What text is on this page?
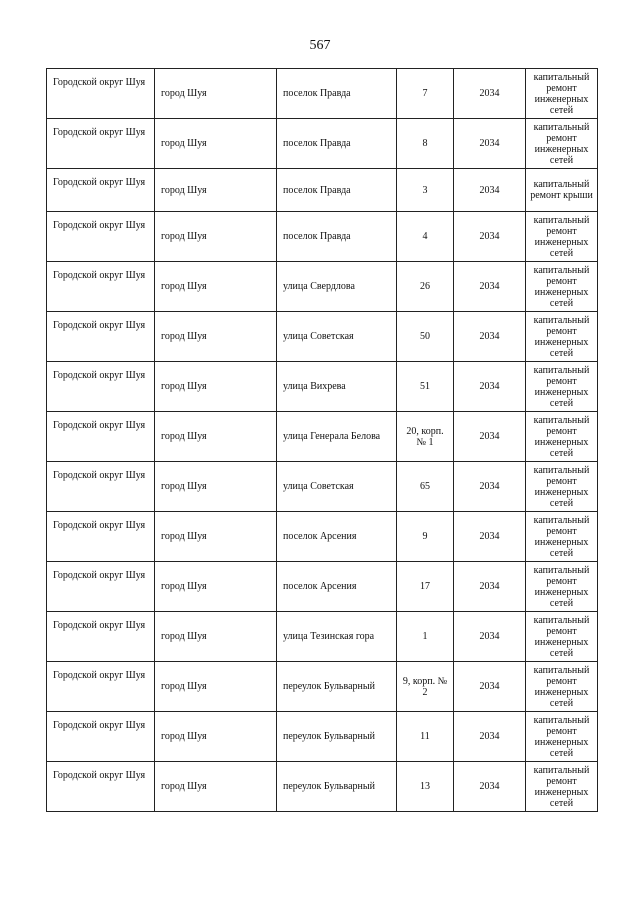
567
Городской округ Шуя	город Шуя	поселок Правда	7	2034	капитальный ремонт инженерных сетей
Городской округ Шуя	город Шуя	поселок Правда	8	2034	капитальный ремонт инженерных сетей
Городской округ Шуя	город Шуя	поселок Правда	3	2034	капитальный ремонт крыши
Городской округ Шуя	город Шуя	поселок Правда	4	2034	капитальный ремонт инженерных сетей
Городской округ Шуя	город Шуя	улица Свердлова	26	2034	капитальный ремонт инженерных сетей
Городской округ Шуя	город Шуя	улица Советская	50	2034	капитальный ремонт инженерных сетей
Городской округ Шуя	город Шуя	улица Вихрева	51	2034	капитальный ремонт инженерных сетей
Городской округ Шуя	город Шуя	улица Генерала Белова	20, корп. № 1	2034	капитальный ремонт инженерных сетей
Городской округ Шуя	город Шуя	улица Советская	65	2034	капитальный ремонт инженерных сетей
Городской округ Шуя	город Шуя	поселок Арсения	9	2034	капитальный ремонт инженерных сетей
Городской округ Шуя	город Шуя	поселок Арсения	17	2034	капитальный ремонт инженерных сетей
Городской округ Шуя	город Шуя	улица Тезинская гора	1	2034	капитальный ремонт инженерных сетей
Городской округ Шуя	город Шуя	переулок Бульварный	9, корп. № 2	2034	капитальный ремонт инженерных сетей
Городской округ Шуя	город Шуя	переулок Бульварный	11	2034	капитальный ремонт инженерных сетей
Городской округ Шуя	город Шуя	переулок Бульварный	13	2034	капитальный ремонт инженерных сетей
